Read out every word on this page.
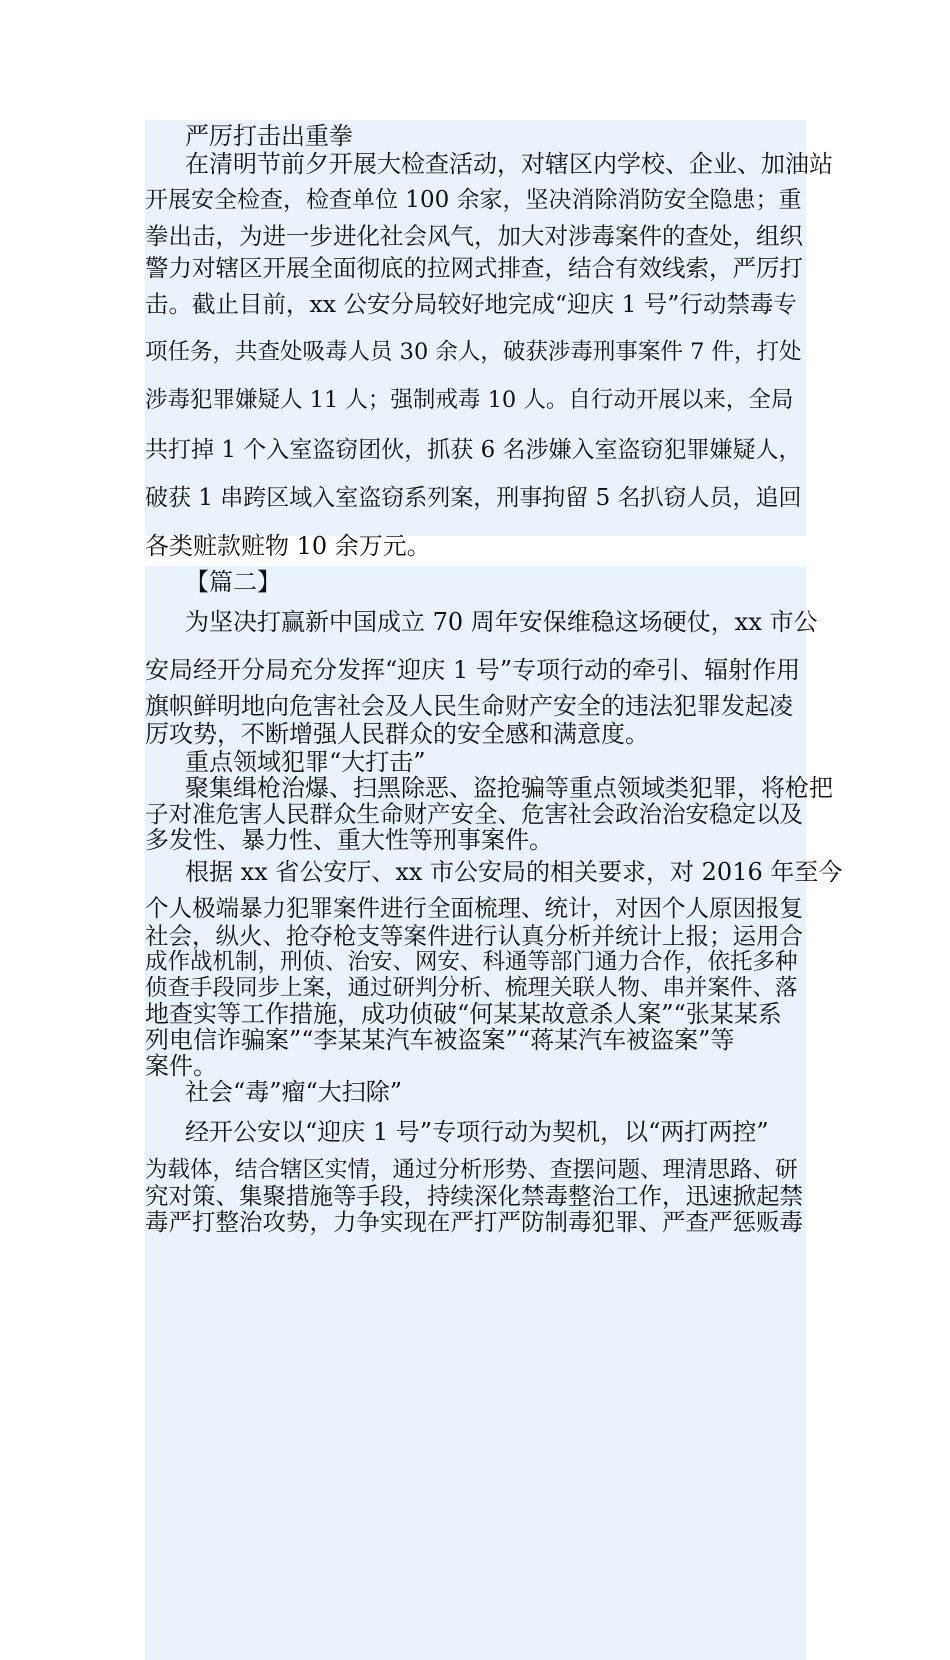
严厉打击出重拳
在清明节前夕开展大检查活动，对辖区内学校、企业、加油站
开展安全检查，检查单位 100 余家，坚决消除消防安全隐患；重
拳出击，为进一步进化社会风气，加大对涉毒案件的查处，组织
警力对辖区开展全面彻底的拉网式排查，结合有效线索，严厉打
击。截止目前，xx 公安分局较好地完成“迎庆 1 号”行动禁毒专
项任务，共查处吸毒人员 30 余人，破获涉毒刑事案件 7 件，打处
涉毒犯罪嫌疑人 11 人；强制戒毒 10 人。自行动开展以来，全局
共打掉 1 个入室盗窃团伙，抓获 6 名涉嫌入室盗窃犯罪嫌疑人，
破获 1 串跨区域入室盗窃系列案，刑事拘留 5 名扒窃人员，追回
各类赃款赃物 10 余万元。
【篇二】
为坚决打赢新中国成立 70 周年安保维稳这场硬仗，xx 市公
安局经开分局充分发挥“迎庆 1 号”专项行动的牵引、辐射作用
旗帜鲜明地向危害社会及人民生命财产安全的违法犯罪发起凌
厉攻势，不断增强人民群众的安全感和满意度。
重点领域犯罪“大打击”
聚集缉枪治爆、扫黑除恶、盗抢骗等重点领域类犯罪，将枪把
子对准危害人民群众生命财产安全、危害社会政治治安稳定以及
多发性、暴力性、重大性等刑事案件。
根据 xx 省公安厅、xx 市公安局的相关要求，对 2016 年至今
个人极端暴力犯罪案件进行全面梳理、统计，对因个人原因报复
社会，纵火、抢夺枪支等案件进行认真分析并统计上报；运用合
成作战机制，刑侦、治安、网安、科通等部门通力合作，依托多种
侦查手段同步上案，通过研判分析、梳理关联人物、串并案件、落
地查实等工作措施，成功侦破“何某某故意杀人案”“张某某系
列电信诈骗案”“李某某汽车被盗案”“蒋某汽车被盗案”等
案件。
社会“毒”瘤“大扫除”
经开公安以“迎庆 1 号”专项行动为契机，以“两打两控”
为载体，结合辖区实情，通过分析形势、查摆问题、理清思路、研
究对策、集聚措施等手段，持续深化禁毒整治工作，迅速掀起禁
毒严打整治攻势，力争实现在严打严防制毒犯罪、严查严惩贩毒
